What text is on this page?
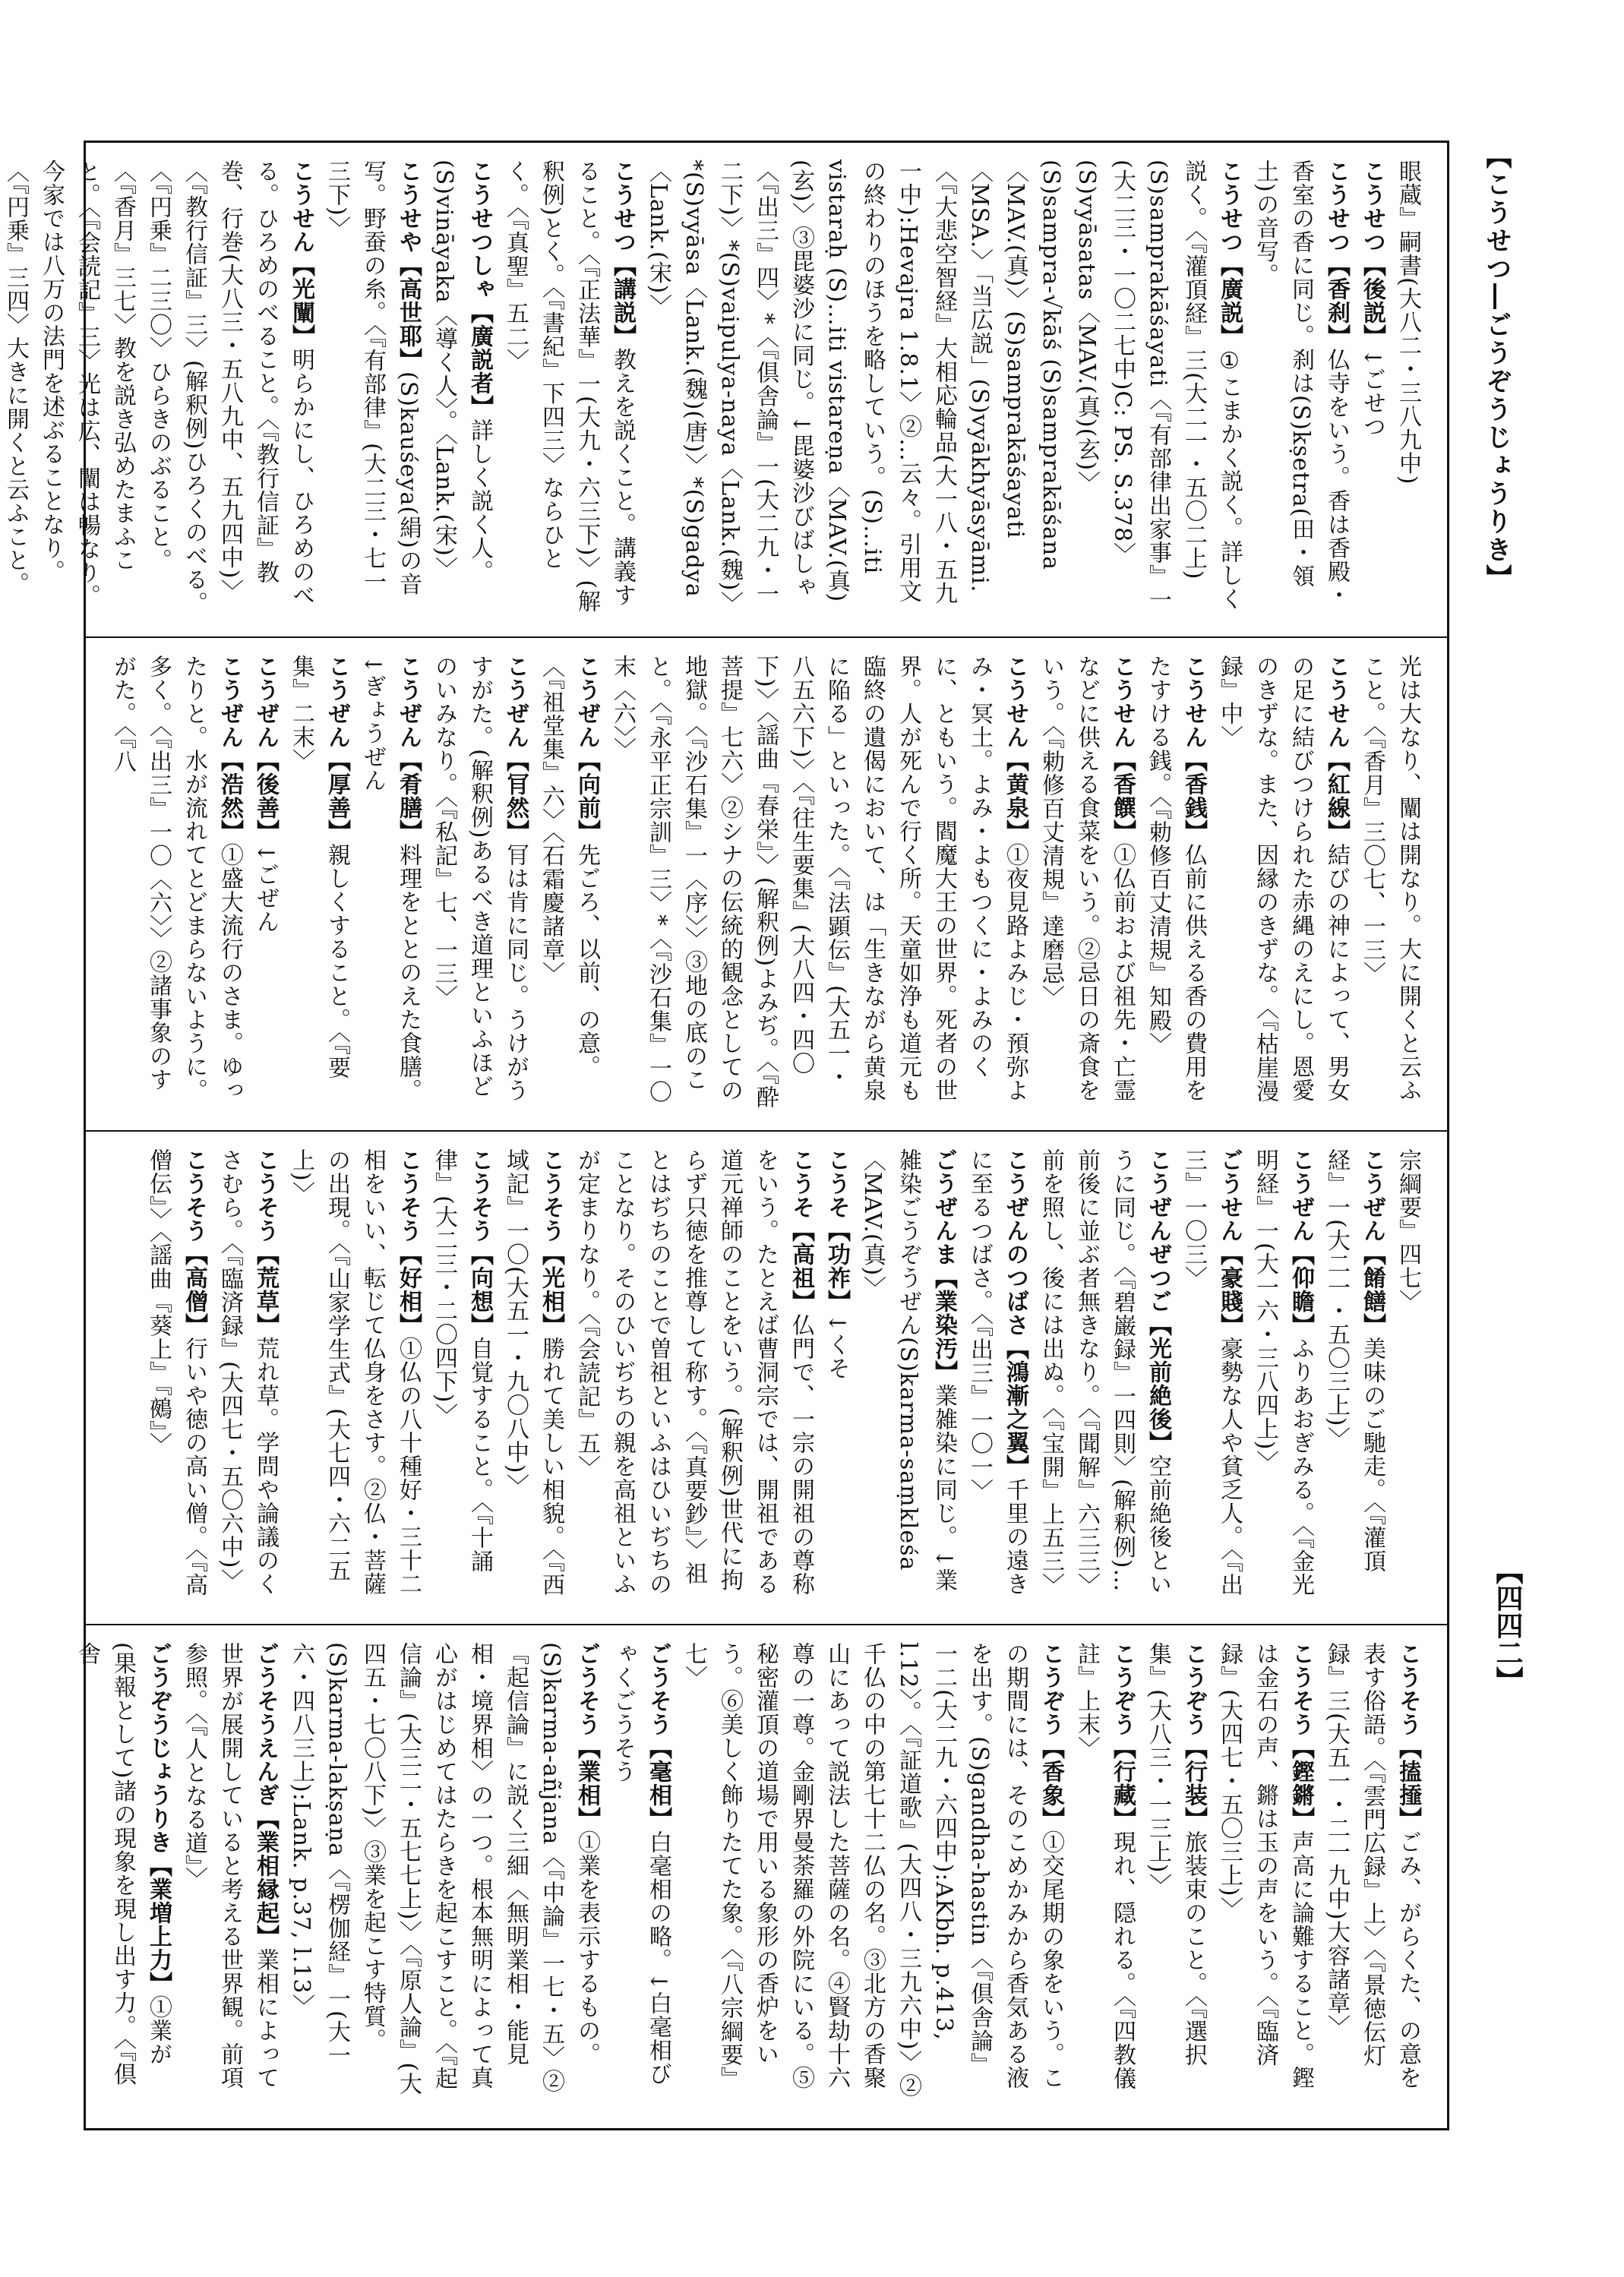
【こうせつ―ごうぞうじょうりき】
【四四二】
眼蔵』嗣書(大八二・三八九中)こうせつ【後説】↓ごせつこうせつ【香刹】仏寺をいう。香は香殿・香室の香に同じ。刹は(S)kṣetra(田・領土)の音写。こうせつ【廣説】①こまかく説く。詳しく説く。〈『灌頂経』三(大二一・五〇二上)(S)samprakāśayati〈『有部律出家事』一(大二三・一〇二七中)C: PS. S.378〉(S)vyāsatas〈MAV.(真)(玄)〉(S)sampra-√kāś (S)samprakāśana〈MAV.(真)〉(S)samprakāśayati〈MSA.〉「当広説」(S)vyākhyāsyāmi.〈『大悲空智経』大相応輪品(大一八・五九一中):Hevajra 1.8.1〉②…云々。引用文の終わりのほうを略していう。(S)…iti vistaraḥ (S)…iti vistareṇa〈MAV.(真)(玄)〉③毘婆沙に同じ。↓毘婆沙びばしゃ〈『出三』四〉*〈『倶舎論』一(大二九・一二下)〉*(S)vaipulya-naya〈Lank.(魏)〉*(S)vyāsa〈Lank.(魏)(唐)〉*(S)gadya〈Lank.(宋)〉こうせつ【講説】教えを説くこと。講義すること。〈『正法華』一(大九・六三下)〉(解釈例)とく。〈『書紀』下四三〉ならひとく。〈『真聖』五二〉こうせつしゃ【廣説者】詳しく説く人。(S)vināyaka〈導く人〉。〈Lank.(宋)〉こうせや【高世耶】(S)kauśeya(絹)の音写。野蚕の糸。〈『有部律』(大二三・七一三下)〉こうせん【光闡】明らかにし、ひろめのべる。ひろめのべること。〈『教行信証』教巻、行巻(大八三・五八九中、五九四中)〉〈『教行信証』三〉(解釈例)ひろくのべる。〈『円乗』二三〇〉ひらきのぶること。〈『香月』三七〉教を説き弘めたまふこと。〈『会読記』三〉光は広、闡は暢なり。今家では八万の法門を述ぶることなり。〈『円乗』三四〉大きに開くと云ふこと。
光は大なり、闡は開なり。大に開くと云ふこと。〈『香月』三〇七、一三〉こうせん【紅線】結びの神によって、男女の足に結びつけられた赤縄のえにし。恩愛のきずな。また、因縁のきずな。〈『枯崖漫録』中〉こうせん【香銭】仏前に供える香の費用をたすける銭。〈『勅修百丈清規』知殿〉こうせん【香饌】①仏前および祖先・亡霊などに供える食菜をいう。②忌日の斎食をいう。〈『勅修百丈清規』達磨忌〉こうせん【黄泉】①夜見路よみじ・預弥よみ・冥土。よみ・よもつくに・よみのくに、ともいう。閻魔大王の世界。死者の世界。人が死んで行く所。天童如浄も道元も臨終の遺偈において、は「生きながら黄泉に陥る」といった。〈『法顕伝』(大五一・八五六下)〉〈『往生要集』(大八四・四〇下)〉〈謡曲『春栄』〉(解釈例)よみぢ。〈『酔菩提』七六〉②シナの伝統的観念としての地獄。〈『沙石集』一〈序〉〉③地の底のこと。〈『永平正宗訓』三〉*〈『沙石集』一〇末〈六〉〉こうぜん【向前】先ごろ、以前、の意。〈『祖堂集』六〉〈石霜慶諸章〉こうぜん【肎然】肎は肯に同じ。うけがうすがた。(解釈例)あるべき道理といふほどのいみなり。〈『私記』七、一三〉こうぜん【肴膳】料理をととのえた食膳。↓ぎょうぜんこうぜん【厚善】親しくすること。〈『要集』二末〉こうぜん【後善】↓ごぜんこうぜん【浩然】①盛大流行のさま。ゆったりと。水が流れてとどまらないように。多く。〈『出三』一〇〈六〉〉②諸事象のすがた。〈『八
宗綱要』四七〉こうぜん【餚饍】美味のご馳走。〈『灌頂経』一(大二一・五〇三上)〉こうぜん【仰瞻】ふりあおぎみる。〈『金光明経』一(大一六・三八四上)〉ごうせん【豪賤】豪勢な人や貧乏人。〈『出三』一〇三〉こうぜんぜつご【光前絶後】空前絶後というに同じ。〈『碧巌録』一四則〉(解釈例)…前後に並ぶ者無きなり。〈『聞解』六三三〉前を照し、後には出ぬ。〈『宝開』上五三〉こうぜんのつばさ【鴻漸之翼】千里の遠きに至るつばさ。〈『出三』一〇一〉ごうぜんま【業染汚】業雑染に同じ。↓業雑染ごうぞうぜん(S)karma-saṃkleśa〈MAV.(真)〉こうそ【功祚】↓くそこうそ【高祖】仏門で、一宗の開祖の尊称をいう。たとえば曹洞宗では、開祖である道元禅師のことをいう。(解釈例)世代に拘らず只徳を推尊して称す。〈『真要鈔』〉祖とはぢちのことで曽祖といふはひいぢちのことなり。そのひいぢちの親を高祖といふが定まりなり。〈『会読記』五〉こうそう【光相】勝れて美しい相貌。〈『西域記』一〇(大五一・九〇八中)〉こうそう【向想】自覚すること。〈『十誦律』(大二三・二〇四下)〉こうそう【好相】①仏の八十種好・三十二相をいい、転じて仏身をさす。②仏・菩薩の出現。〈『山家学生式』(大七四・六二五上)〉こうそう【荒草】荒れ草。学問や論議のくさむら。〈『臨済録』(大四七・五〇六中)〉こうそう【高僧】行いや徳の高い僧。〈『高僧伝』〉〈謡曲『葵上』『鵺』〉
こうそう【搕𢶍】ごみ、がらくた、の意を表す俗語。〈『雲門広録』上〉〈『景徳伝灯録』三(大五一・二一九中)大容諸章〉こうそう【鏗鏘】声高に論難すること。鏗は金石の声、鏘は玉の声をいう。〈『臨済録』(大四七・五〇三上)〉こうぞう【行装】旅装束のこと。〈『選択集』(大八三・一三上)〉こうぞう【行藏】現れ、隠れる。〈『四教儀註』上末〉こうぞう【香象】①交尾期の象をいう。この期間には、そのこめかみから香気ある液を出す。(S)gandha-hastin〈『倶舎論』一二(大二九・六四中):AKbh. p.413, l.12〉。〈『証道歌』(大四八・三九六中)〉②千仏の中の第七十二仏の名。③北方の香聚山にあって説法した菩薩の名。④賢劫十六尊の一尊。金剛界曼荼羅の外院にいる。⑤秘密灌頂の道場で用いる象形の香炉をいう。⑥美しく飾りたてた象。〈『八宗綱要』七〉ごうそう【毫相】白毫相の略。↓白毫相びゃくごうそうごうそう【業相】①業を表示するもの。(S)karma-añjana〈『中論』一七・五〉②『起信論』に説く三細〈無明業相・能見相・境界相〉の一つ。根本無明によって真心がはじめてはたらきを起こすこと。〈『起信論』(大三二・五七七上)〉〈『原人論』(大四五・七〇八下)〉③業を起こす特質。(S)karma-lakṣaṇa〈『楞伽経』一(大一六・四八三上):Lank. p.37, l.13〉ごうそうえんぎ【業相縁起】業相によって世界が展開していると考える世界観。前項参照。〈『人となる道』〉ごうぞうじょうりき【業増上力】①業が(果報として)諸の現象を現し出す力。〈『倶舎
